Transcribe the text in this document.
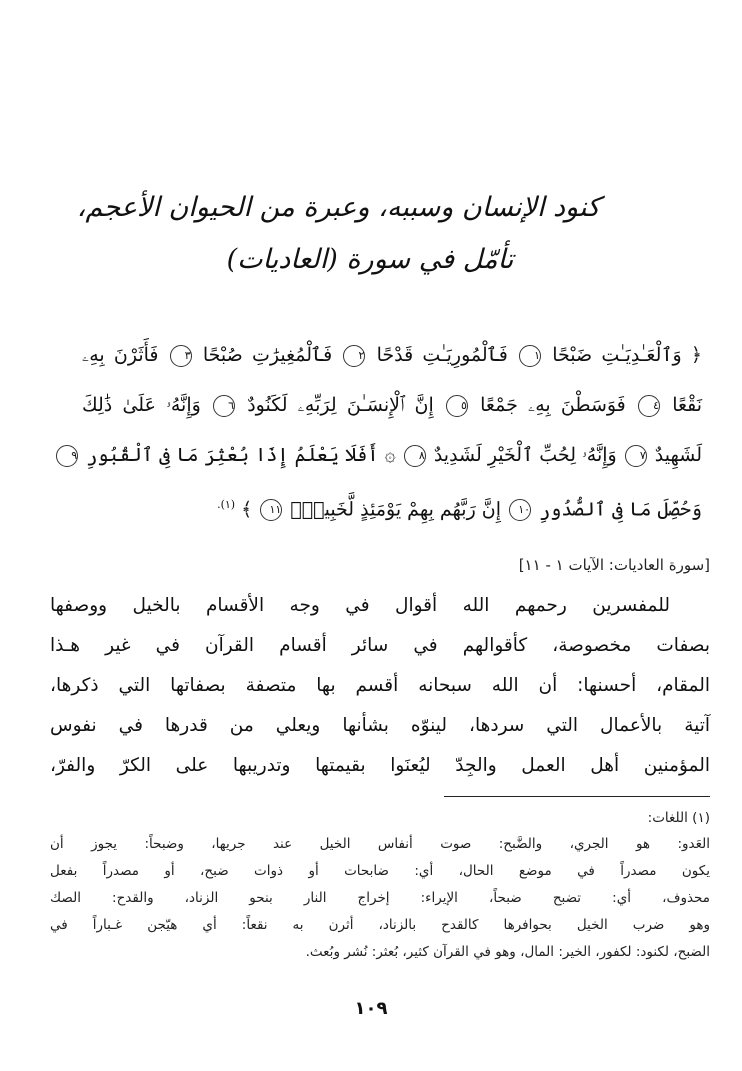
كنود الإنسان وسببه، وعبرة من الحيوان الأعجم،
تأمّل في سورة (العاديات)
﴿ وَٱلْعَـٰدِيَـٰتِ ضَبْحًا ١ فَٱلْمُورِيَـٰتِ قَدْحًا ٢ فَٱلْمُغِيرَٰتِ صُبْحًا ٣ فَأَثَرْنَ بِهِۦ
نَقْعًا ٤ فَوَسَطْنَ بِهِۦ جَمْعًا ٥ إِنَّ ٱلْإِنسَـٰنَ لِرَبِّهِۦ لَكَنُودٌ ٦ وَإِنَّهُۥ عَلَىٰ ذَٰلِكَ
لَشَهِيدٌ ٧ وَإِنَّهُۥ لِحُبِّ ٱلْخَيْرِ لَشَدِيدٌ ٨ ۞ أَفَلَا يَعْلَمُ إِذَا بُعْثِرَ مَا فِى ٱلْقُبُورِ ٩
وَحُصِّلَ مَا فِى ٱلصُّدُورِ ١٠ إِنَّ رَبَّهُم بِهِمْ يَوْمَئِذٍ لَّخَبِيرٌۢ ١١ ﴾ $^{(١).}$
[سورة العاديات: الآيات ١ - ١١]
للمفسرين رحمهم الله أقوال في وجه الأقسام بالخيل ووصفها
بصفات مخصوصة، كأقوالهم في سائر أقسام القرآن في غير هـذا
المقام، أحسنها: أن الله سبحانه أقسم بها متصفة بصفاتها التي ذكرها،
آتية بالأعمال التي سردها، لينوّه بشأنها ويعلي من قدرها في نفوس
المؤمنين أهل العمل والجِدّ ليُعنَوا بقيمتها وتدريبها على الكرّ والفرّ،
(١) اللغات:
العَدو: هو الجري، والضَّبح: صوت أنفاس الخيل عند جريها، وضبحاً: يجوز أن
يكون مصدراً في موضع الحال، أي: ضابحات أو ذوات ضبح، أو مصدراً بفعل
محذوف، أي: تضبح ضبحاً، الإيراء: إخراج النار بنحو الزناد، والقدح: الصك
وهو ضرب الخيل بحوافرها كالقدح بالزناد، أثرن به نقعاً: أي هيّجن غـباراً في
الضبح، لكنود: لكفور، الخير: المال، وهو في القرآن كثير، بُعثر: نُشر وبُعث.
١٠٩
